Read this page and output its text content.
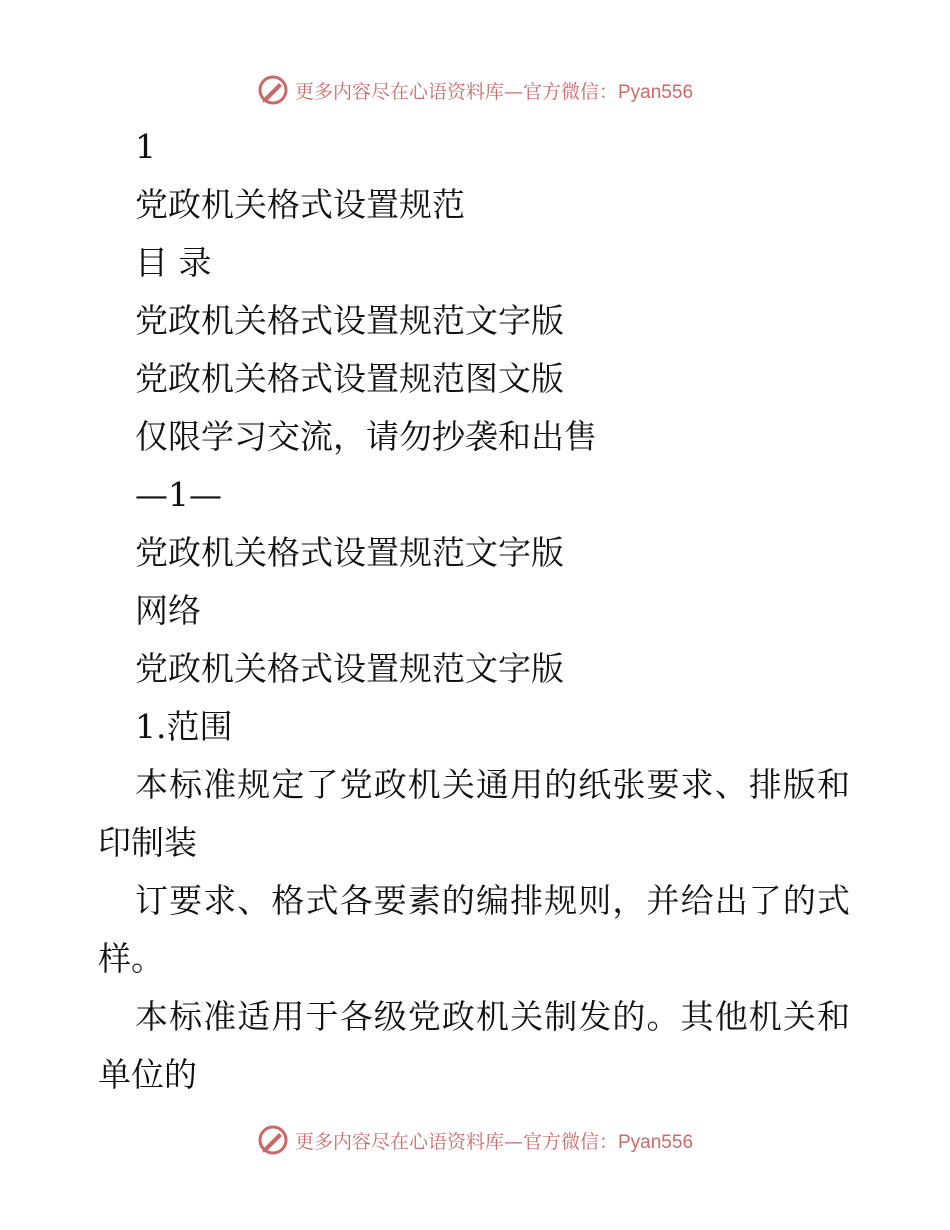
更多内容尽在心语资料库—官方微信：Pyan556
1
党政机关格式设置规范
目 录
党政机关格式设置规范文字版
党政机关格式设置规范图文版
仅限学习交流，请勿抄袭和出售
—1—
党政机关格式设置规范文字版
网络
党政机关格式设置规范文字版
1.范围
本标准规定了党政机关通用的纸张要求、排版和
印制装
订要求、格式各要素的编排规则，并给出了的式
样。
本标准适用于各级党政机关制发的。其他机关和
单位的
更多内容尽在心语资料库—官方微信：Pyan556
